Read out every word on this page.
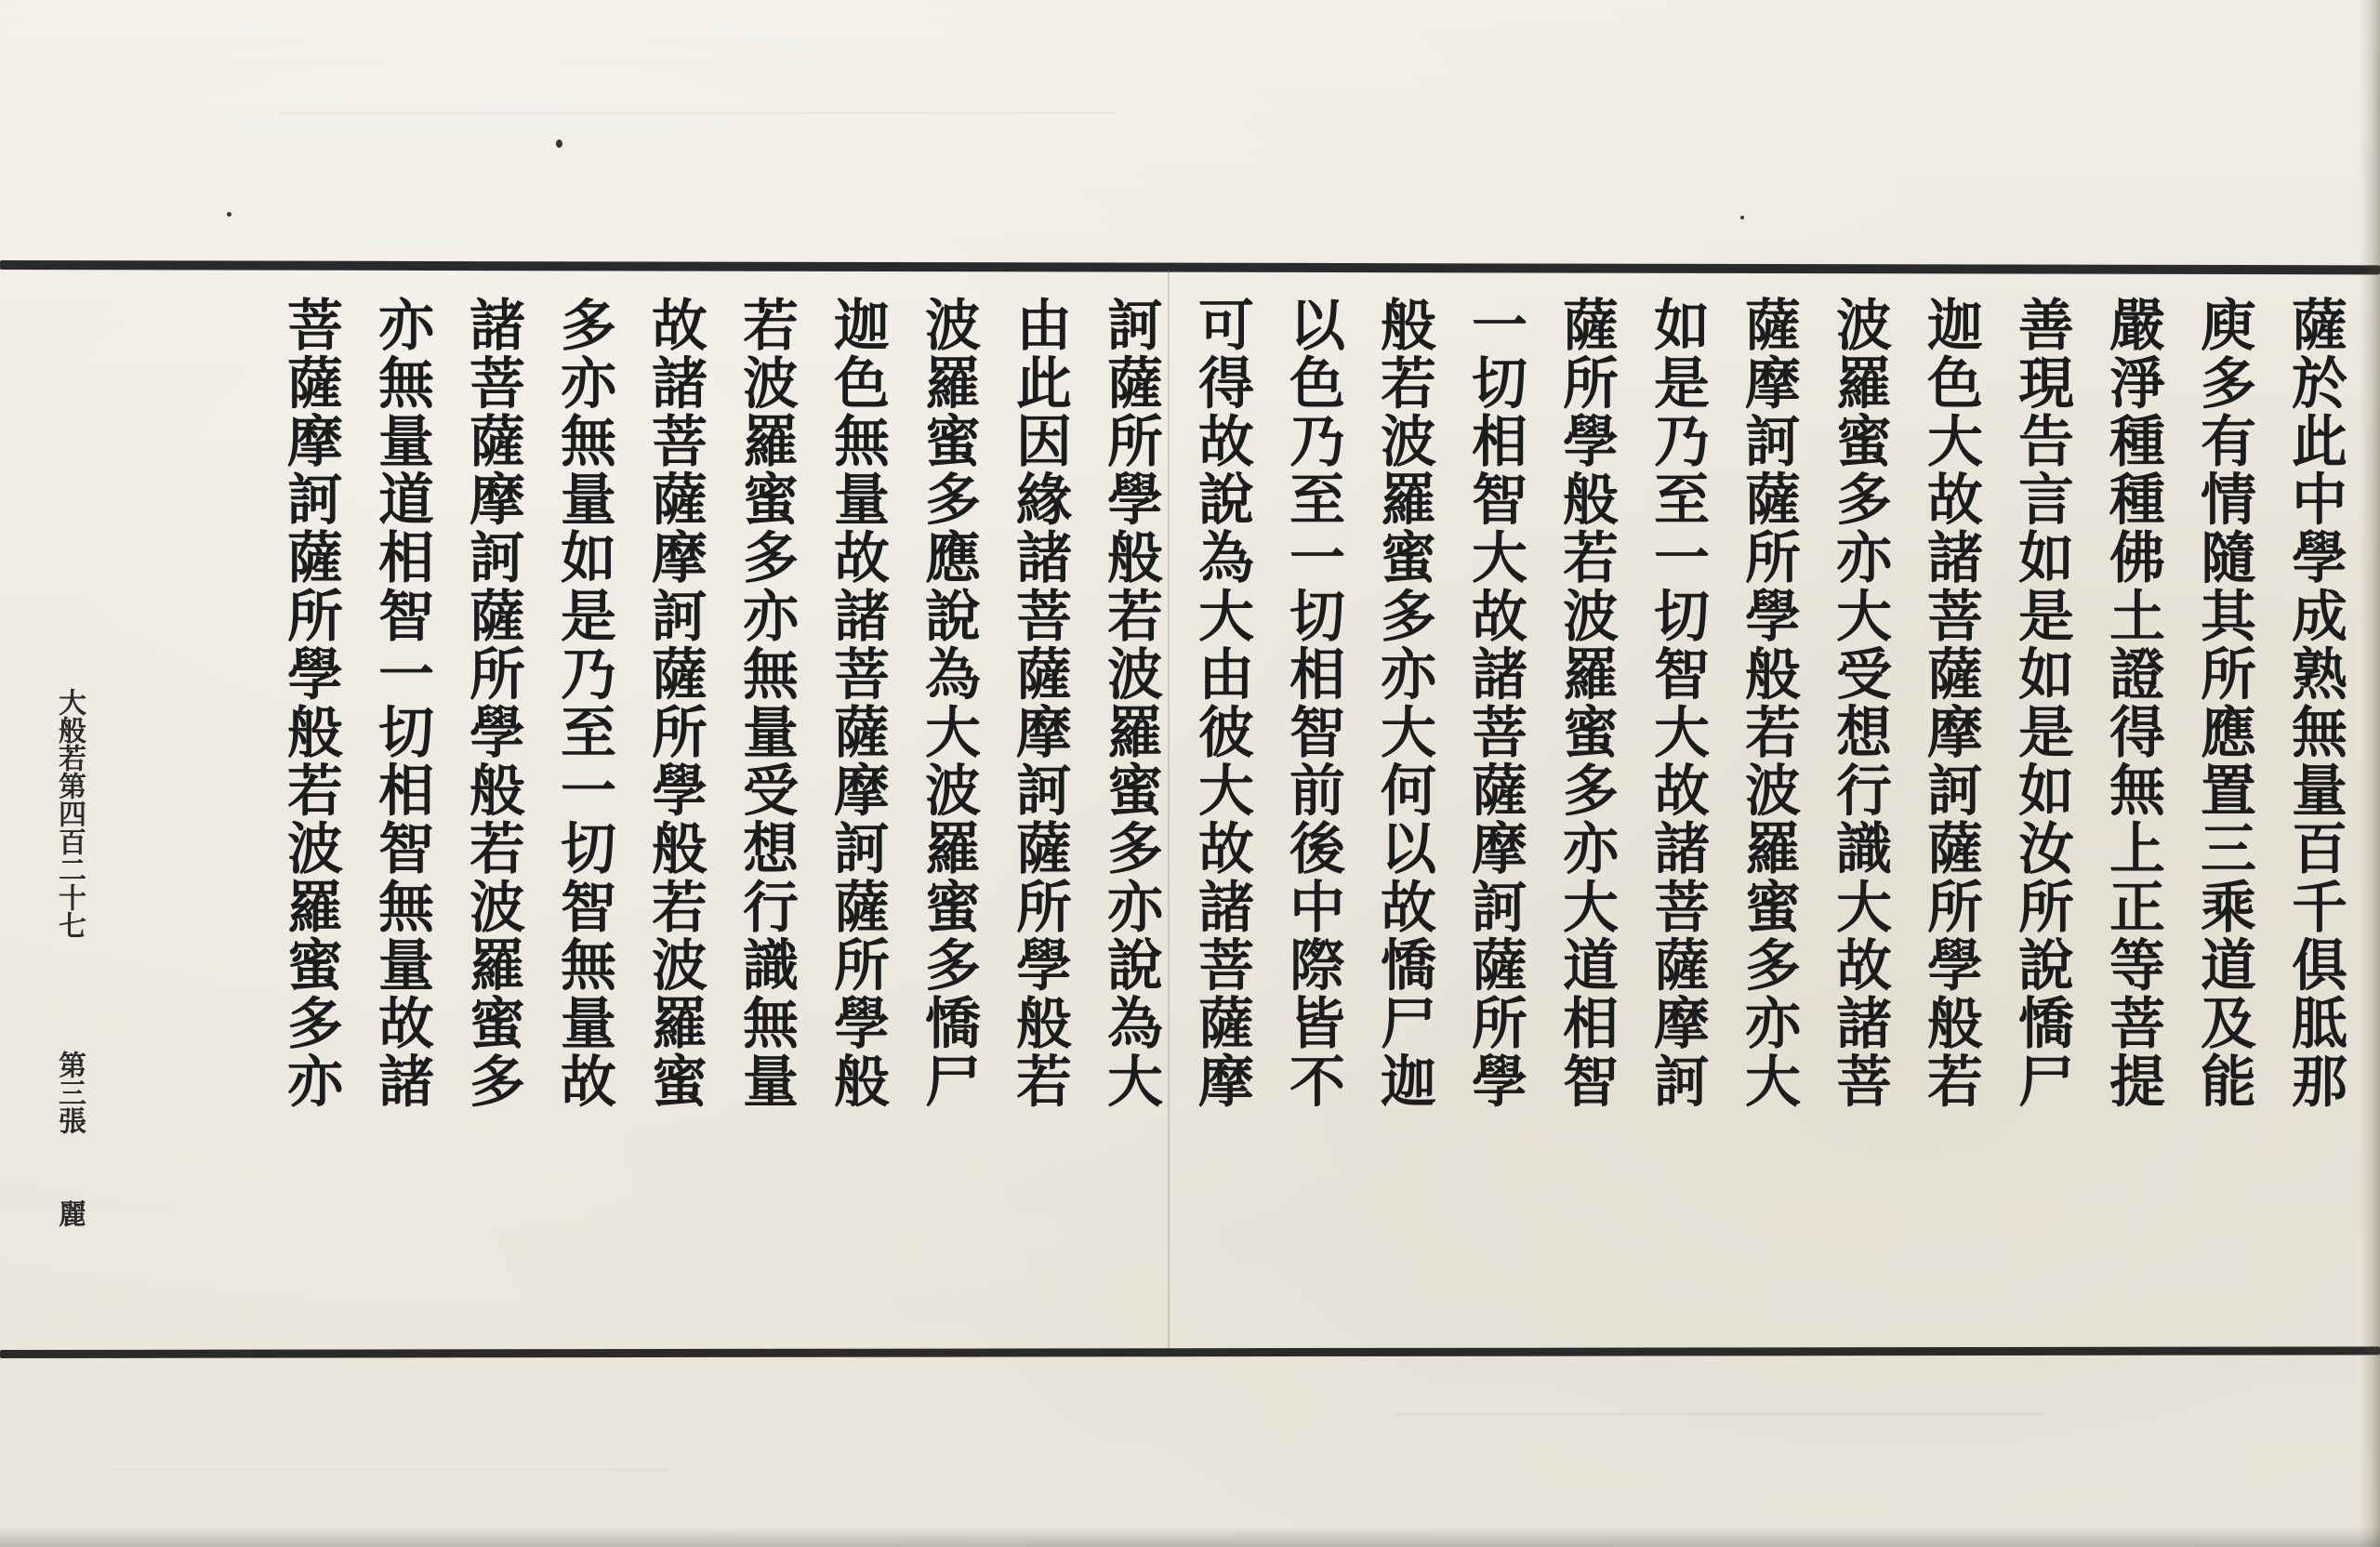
薩於此中學成熟無量百千俱胝那
庾多有情隨其所應置三乘道及能
嚴淨種種佛土證得無上正等菩提
善現告言如是如是如汝所說憍尸
迦色大故諸菩薩摩訶薩所學般若
波羅蜜多亦大受想行識大故諸菩
薩摩訶薩所學般若波羅蜜多亦大
如是乃至一切智大故諸菩薩摩訶
薩所學般若波羅蜜多亦大道相智
一切相智大故諸菩薩摩訶薩所學
般若波羅蜜多亦大何以故憍尸迦
以色乃至一切相智前後中際皆不
可得故說為大由彼大故諸菩薩摩
訶薩所學般若波羅蜜多亦說為大
由此因緣諸菩薩摩訶薩所學般若
波羅蜜多應說為大波羅蜜多憍尸
迦色無量故諸菩薩摩訶薩所學般
若波羅蜜多亦無量受想行識無量
故諸菩薩摩訶薩所學般若波羅蜜
多亦無量如是乃至一切智無量故
諸菩薩摩訶薩所學般若波羅蜜多
亦無量道相智一切相智無量故諸
菩薩摩訶薩所學般若波羅蜜多亦
大般若第四百二十七
第三張
麗
